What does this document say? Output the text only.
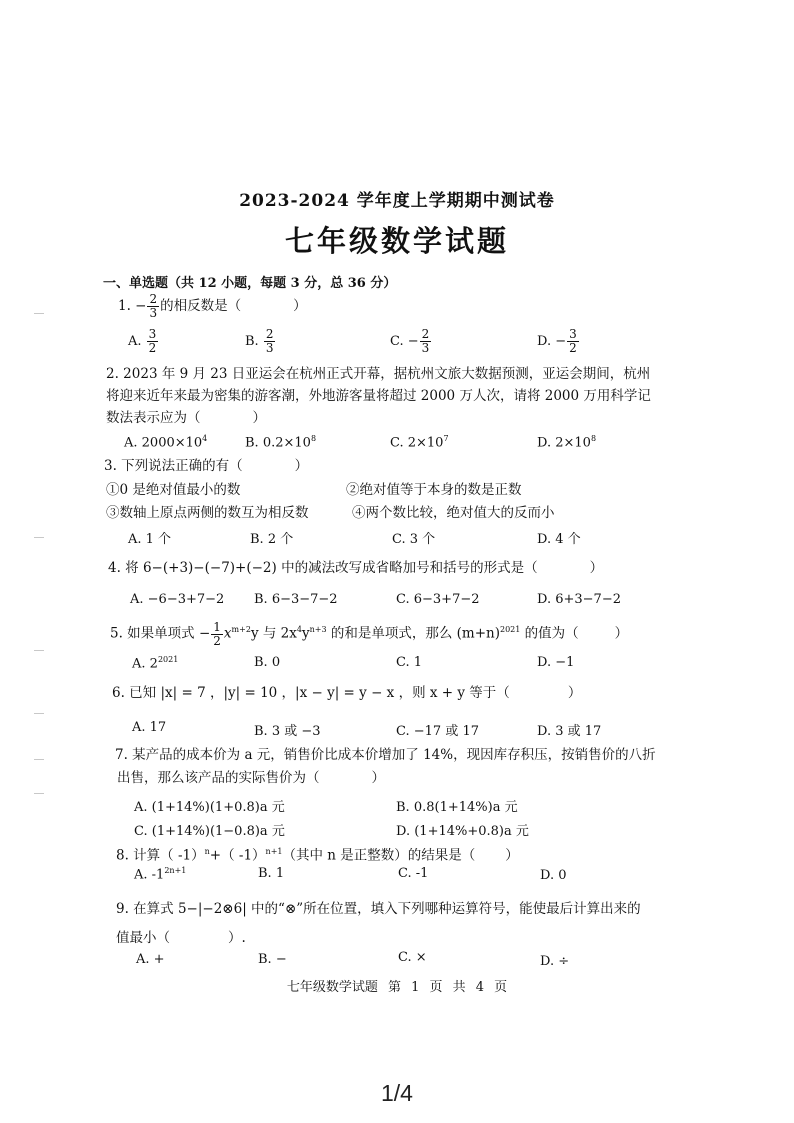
2023-2024 学年度上学期期中测试卷
七年级数学试题
一、单选题（共 12 小题，每题 3 分，总 36 分）
1. − $\frac{2}{3}$ 的相反数是（	）
A. $\frac{3}{2}$	B. $\frac{2}{3}$	C. − $\frac{2}{3}$	D. − $\frac{3}{2}$
2. 2023 年 9 月 23 日亚运会在杭州正式开幕，据杭州文旅大数据预测，亚运会期间，杭州
将迎来近年来最为密集的游客潮，外地游客量将超过 2000 万人次，请将 2000 万用科学记
数法表示应为（	）
A. $2000\times 10^4$	B. $0.2\times 10^8$	C. $2\times 10^7$	D. $2\times 10^8$
3. 下列说法正确的有（	）
①0 是绝对值最小的数	②绝对值等于本身的数是正数
③数轴上原点两侧的数互为相反数	④两个数比较，绝对值大的反而小
A. 1 个	B. 2 个	C. 3 个	D. 4 个
4. 将 6−(+3)−(−7)+(−2) 中的减法改写成省略加号和括号的形式是（	）
A. −6−3+7−2 B. 6−3−7−2	C. 6−3+7−2	D. 6+3−7−2
5. 如果单项式 − $\frac{1}{2} x^{m+2}y$ 与 $2x^4y^{n+3}$ 的和是单项式，那么 $(m+n)^{2021}$ 的值为（	）
A. $2^{2021}$	B. 0	C. 1	D. −1
6. 已知 |x| = 7 ，|y| = 10 ，|x − y| = y − x ，则 x + y 等于（	）
A. 17	B. 3 或 −3	C. −17 或 17	D. 3 或 17
7. 某产品的成本价为 a 元，销售价比成本价增加了 14%，现因库存积压，按销售价的八折
出售，那么该产品的实际售价为（	）
A. (1+14%)(1+0.8)a 元	B. 0.8(1+14%)a 元
C. (1+14%)(1−0.8)a 元	D. (1+14%+0.8)a 元
8. 计算（ -1）$^n$+（ -1）$^{n+1}$（其中 n 是正整数）的结果是（ ）
A. $-1^{2n+1}$	B. 1	C. -1	D. 0
9. 在算式 5−|−2⊗6| 中的“⊗”所在位置，填入下列哪种运算符号，能使最后计算出来的
值最小（	）.
A. +	B. −	C. ×	D. ÷
七年级数学试题 第 1 页 共 4 页
1/4
